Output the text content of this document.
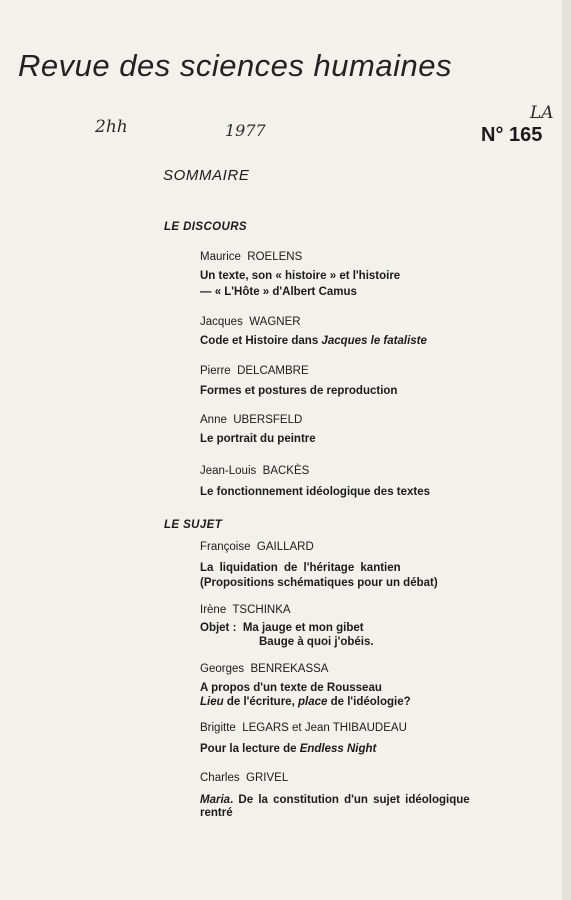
Revue des sciences humaines
2hh	1977
LA
N° 165
SOMMAIRE
LE DISCOURS
Maurice ROELENS
Un texte, son « histoire » et l'histoire
— « L'Hôte » d'Albert Camus
Jacques WAGNER
Code et Histoire dans Jacques le fataliste
Pierre DELCAMBRE
Formes et postures de reproduction
Anne UBERSFELD
Le portrait du peintre
Jean-Louis BACKÈS
Le fonctionnement idéologique des textes
LE SUJET
Françoise GAILLARD
La liquidation de l'héritage kantien
(Propositions schématiques pour un débat)
Irène TSCHINKA
Objet : Ma jauge et mon gibet
Bauge à quoi j'obéis.
Georges BENREKASSA
A propos d'un texte de Rousseau
Lieu de l'écriture, place de l'idéologie?
Brigitte LEGARS et Jean THIBAUDEAU
Pour la lecture de Endless Night
Charles GRIVEL
Maria. De la constitution d'un sujet idéologique
rentré
